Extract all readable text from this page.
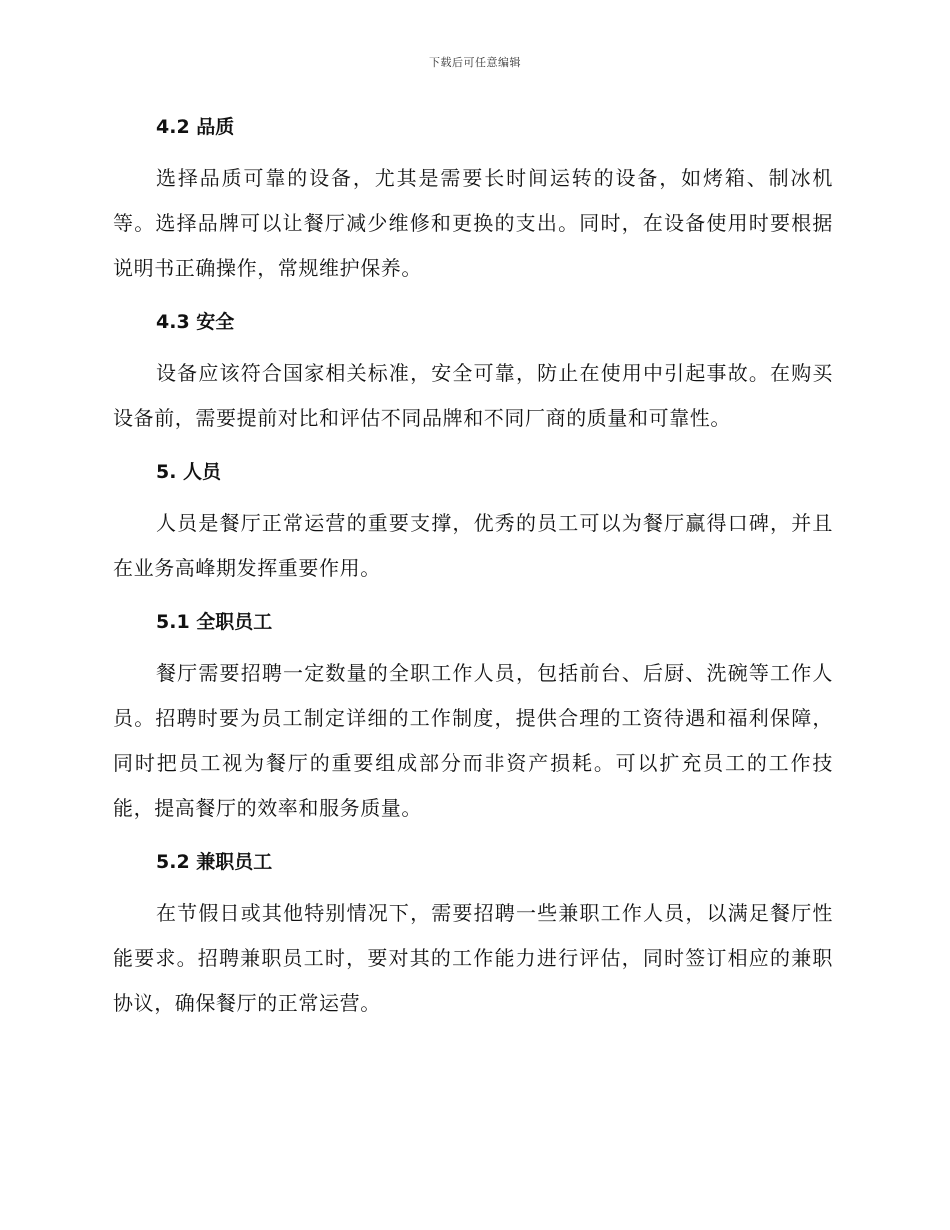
下载后可任意编辑
4.2 品质

选择品质可靠的设备，尤其是需要长时间运转的设备，如烤箱、制冰机等。选择品牌可以让餐厅减少维修和更换的支出。同时，在设备使用时要根据说明书正确操作，常规维护保养。

4.3 安全

设备应该符合国家相关标准，安全可靠，防止在使用中引起事故。在购买设备前，需要提前对比和评估不同品牌和不同厂商的质量和可靠性。

5. 人员

人员是餐厅正常运营的重要支撑，优秀的员工可以为餐厅赢得口碑，并且在业务高峰期发挥重要作用。

5.1 全职员工

餐厅需要招聘一定数量的全职工作人员，包括前台、后厨、洗碗等工作人员。招聘时要为员工制定详细的工作制度，提供合理的工资待遇和福利保障，同时把员工视为餐厅的重要组成部分而非资产损耗。可以扩充员工的工作技能，提高餐厅的效率和服务质量。

5.2 兼职员工

在节假日或其他特别情况下，需要招聘一些兼职工作人员，以满足餐厅性能要求。招聘兼职员工时，要对其的工作能力进行评估，同时签订相应的兼职协议，确保餐厅的正常运营。
